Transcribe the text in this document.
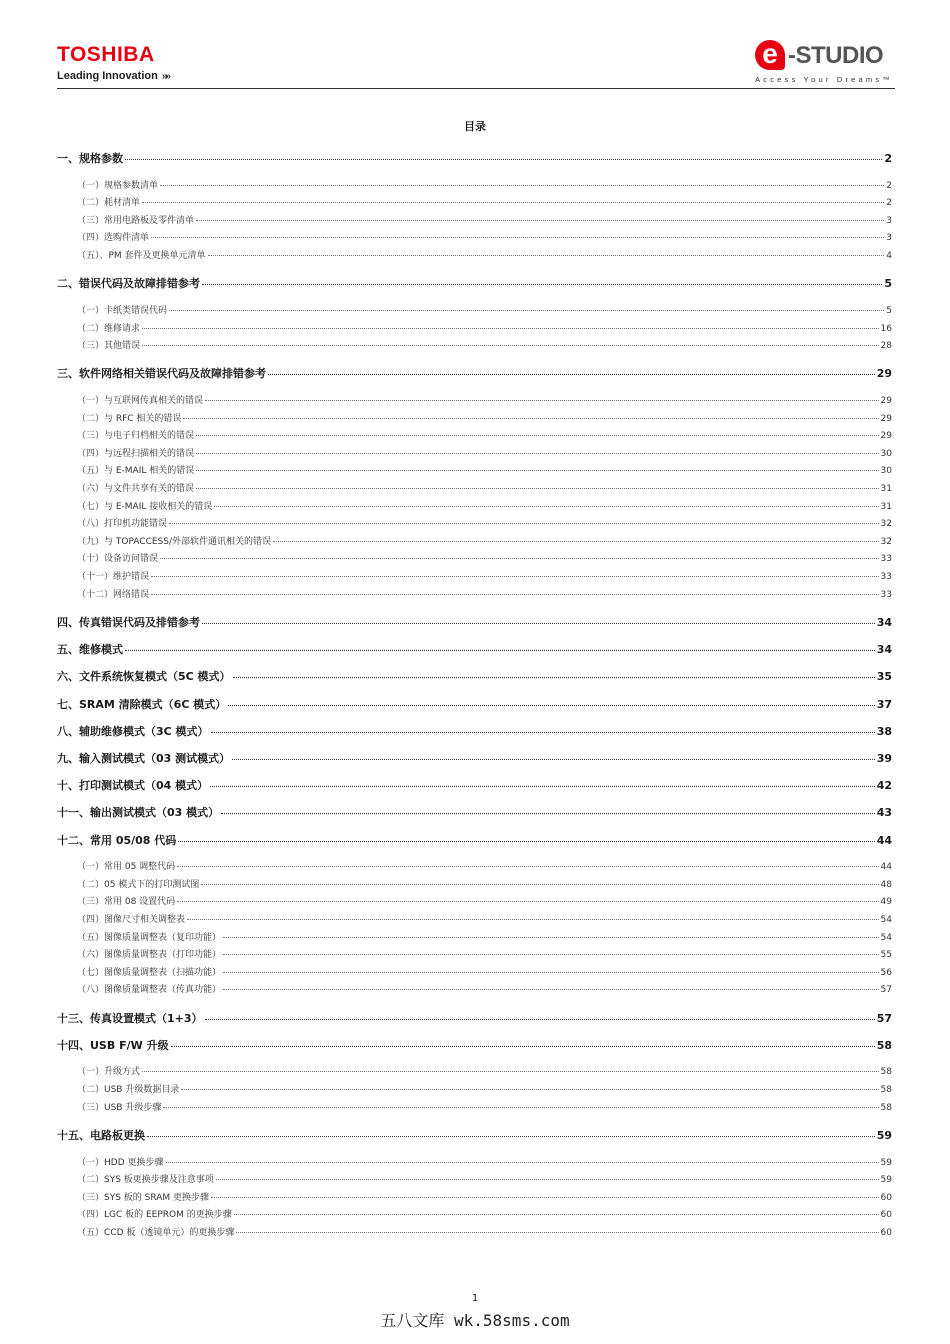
TOSHIBA
Leading Innovation »»
e -STUDIO
Access Your Dreams™
目录
一、规格参数	2
（一）规格参数清单	2
（二）耗材清单	2
（三）常用电路板及零件清单	3
（四）选购件清单	3
（五）、PM 套件及更换单元清单	4
二、错误代码及故障排错参考	5
（一）卡纸类错误代码	5
（二）维修请求	16
（三）其他错误	28
三、软件网络相关错误代码及故障排错参考	29
（一）与互联网传真相关的错误	29
（二）与 RFC 相关的错误	29
（三）与电子归档相关的错误	29
（四）与远程扫描相关的错误	30
（五）与 E-MAIL 相关的错误	30
（六）与文件共享有关的错误	31
（七）与 E-MAIL 接收相关的错误	31
（八）打印机功能错误	32
（九）与 TOPACCESS/外部软件通讯相关的错误	32
（十）设备访问错误	33
（十一）维护错误	33
（十二）网络错误	33
四、传真错误代码及排错参考	34
五、维修模式	34
六、文件系统恢复模式（5C 模式）	35
七、SRAM 清除模式（6C 模式）	37
八、辅助维修模式（3C 模式）	38
九、输入测试模式（03 测试模式）	39
十、打印测试模式（04 模式）	42
十一、输出测试模式（03 模式）	43
十二、常用 05/08 代码	44
（一）常用 05 调整代码	44
（二）05 模式下的打印测试图	48
（三）常用 08 设置代码	49
（四）图像尺寸相关调整表	54
（五）图像质量调整表（复印功能）	54
（六）图像质量调整表（打印功能）	55
（七）图像质量调整表（扫描功能）	56
（八）图像质量调整表（传真功能）	57
十三、传真设置模式（1+3）	57
十四、USB F/W 升级	58
（一）升级方式	58
（二）USB 升级数据目录	58
（三）USB 升级步骤	58
十五、电路板更换	59
（一）HDD 更换步骤	59
（二）SYS 板更换步骤及注意事项	59
（三）SYS 板的 SRAM 更换步骤	60
（四）LGC 板的 EEPROM 的更换步骤	60
（五）CCD 板（透镜单元）的更换步骤	60
1
五八文库 wk.58sms.com
